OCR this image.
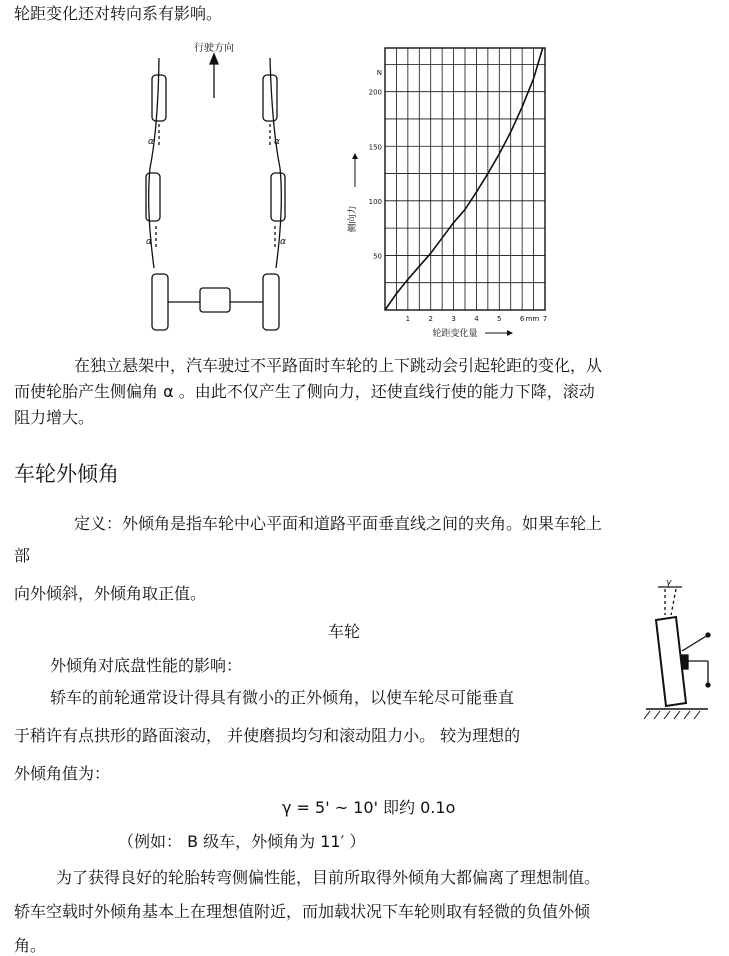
轮距变化还对转向系有影响。
行驶方向
α	α
α	α
1	2	3	4	5	6	7
mm
50
100
150
200
N
轮距变化量
侧向力
在独立悬架中，汽车驶过不平路面时车轮的上下跳动会引起轮距的变化，从
而使轮胎产生侧偏角 α 。由此不仅产生了侧向力，还使直线行使的能力下降，滚动
阻力增大。
车轮外倾角
定义：外倾角是指车轮中心平面和道路平面垂直线之间的夹角。如果车轮上
部
向外倾斜，外倾角取正值。
车轮
γ
外倾角对底盘性能的影响：
轿车的前轮通常设计得具有微小的正外倾角，以使车轮尽可能垂直
于稍许有点拱形的路面滚动， 并使磨损均匀和滚动阻力小。 较为理想的
外倾角值为：
γ = 5' ~ 10' 即约 0.1o
（例如： B 级车，外倾角为 11′ ）
为了获得良好的轮胎转弯侧偏性能，目前所取得外倾角大都偏离了理想制值。
轿车空载时外倾角基本上在理想值附近，而加载状况下车轮则取有轻微的负值外倾
角。
